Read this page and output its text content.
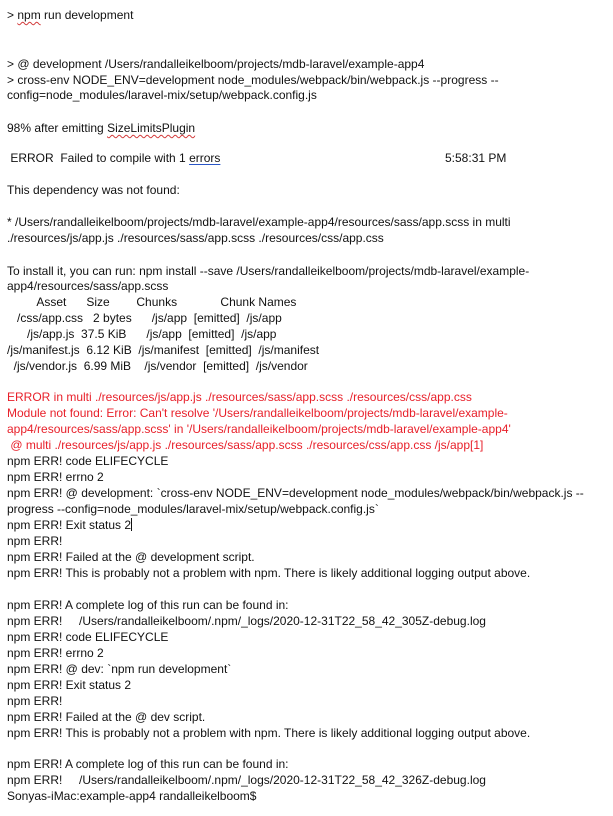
> npm run development
> @ development /Users/randalleikelboom/projects/mdb-laravel/example-app4
> cross-env NODE_ENV=development node_modules/webpack/bin/webpack.js --progress --
config=node_modules/laravel-mix/setup/webpack.config.js
98% after emitting SizeLimitsPlugin
ERROR  Failed to compile with 1 errors	5:58:31 PM
This dependency was not found:
* /Users/randalleikelboom/projects/mdb-laravel/example-app4/resources/sass/app.scss in multi
./resources/js/app.js ./resources/sass/app.scss ./resources/css/app.css
To install it, you can run: npm install --save /Users/randalleikelboom/projects/mdb-laravel/example-
app4/resources/sass/app.scss
Asset      Size        Chunks             Chunk Names
/css/app.css   2 bytes      /js/app  [emitted]  /js/app
/js/app.js  37.5 KiB      /js/app  [emitted]  /js/app
/js/manifest.js  6.12 KiB  /js/manifest  [emitted]  /js/manifest
/js/vendor.js  6.99 MiB    /js/vendor  [emitted]  /js/vendor
ERROR in multi ./resources/js/app.js ./resources/sass/app.scss ./resources/css/app.css
Module not found: Error: Can't resolve '/Users/randalleikelboom/projects/mdb-laravel/example-
app4/resources/sass/app.scss' in '/Users/randalleikelboom/projects/mdb-laravel/example-app4'
@ multi ./resources/js/app.js ./resources/sass/app.scss ./resources/css/app.css /js/app[1]
npm ERR! code ELIFECYCLE
npm ERR! errno 2
npm ERR! @ development: `cross-env NODE_ENV=development node_modules/webpack/bin/webpack.js --
progress --config=node_modules/laravel-mix/setup/webpack.config.js`
npm ERR! Exit status 2
npm ERR!
npm ERR! Failed at the @ development script.
npm ERR! This is probably not a problem with npm. There is likely additional logging output above.
npm ERR! A complete log of this run can be found in:
npm ERR!     /Users/randalleikelboom/.npm/_logs/2020-12-31T22_58_42_305Z-debug.log
npm ERR! code ELIFECYCLE
npm ERR! errno 2
npm ERR! @ dev: `npm run development`
npm ERR! Exit status 2
npm ERR!
npm ERR! Failed at the @ dev script.
npm ERR! This is probably not a problem with npm. There is likely additional logging output above.
npm ERR! A complete log of this run can be found in:
npm ERR!     /Users/randalleikelboom/.npm/_logs/2020-12-31T22_58_42_326Z-debug.log
Sonyas-iMac:example-app4 randalleikelboom$
